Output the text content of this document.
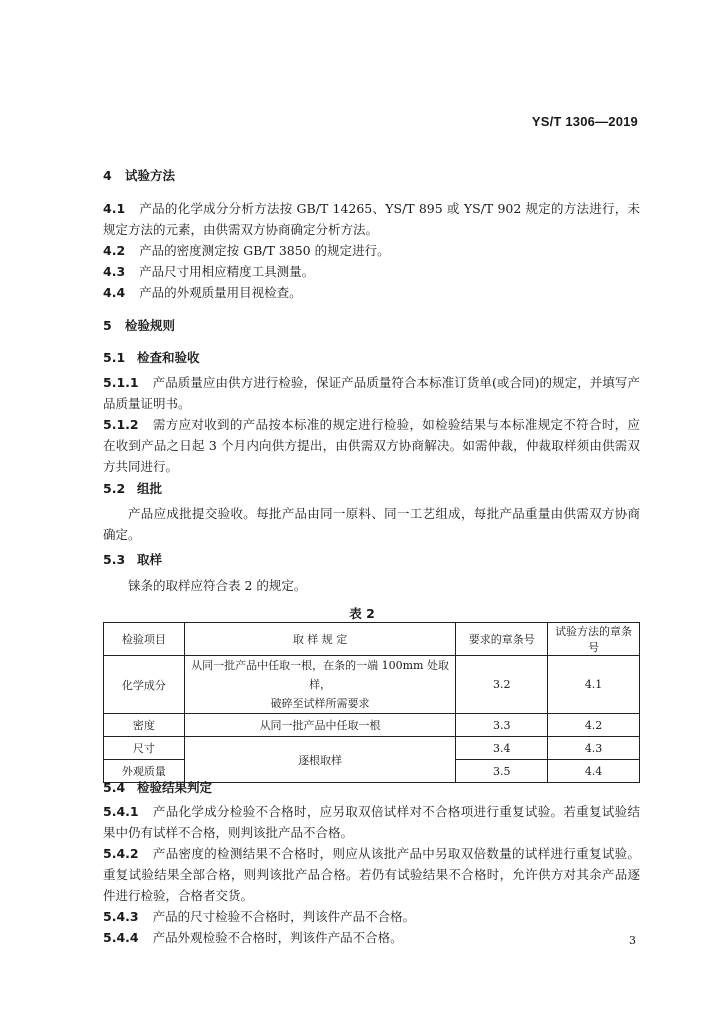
YS/T 1306—2019
4 试验方法
4.1 产品的化学成分分析方法按 GB/T 14265、YS/T 895 或 YS/T 902 规定的方法进行，未规定方法的元素，由供需双方协商确定分析方法。
4.2 产品的密度测定按 GB/T 3850 的规定进行。
4.3 产品尺寸用相应精度工具测量。
4.4 产品的外观质量用目视检查。
5 检验规则
5.1 检查和验收
5.1.1 产品质量应由供方进行检验，保证产品质量符合本标准订货单(或合同)的规定，并填写产品质量证明书。
5.1.2 需方应对收到的产品按本标准的规定进行检验，如检验结果与本标准规定不符合时，应在收到产品之日起 3 个月内向供方提出，由供需双方协商解决。如需仲裁，仲裁取样须由供需双方共同进行。
5.2 组批
产品应成批提交验收。每批产品由同一原料、同一工艺组成，每批产品重量由供需双方协商确定。
5.3 取样
铼条的取样应符合表 2 的规定。
表 2
检验项目	取 样 规 定	要求的章条号	试验方法的章条号
化学成分	从同一批产品中任取一根，在条的一端 100mm 处取样，
破碎至试样所需要求	3.2	4.1
密度	从同一批产品中任取一根	3.3	4.2
尺寸	逐根取样	3.4	4.3
外观质量		3.5	4.4
5.4 检验结果判定
5.4.1 产品化学成分检验不合格时，应另取双倍试样对不合格项进行重复试验。若重复试验结果中仍有试样不合格，则判该批产品不合格。
5.4.2 产品密度的检测结果不合格时，则应从该批产品中另取双倍数量的试样进行重复试验。重复试验结果全部合格，则判该批产品合格。若仍有试验结果不合格时，允许供方对其余产品逐件进行检验，合格者交货。
5.4.3 产品的尺寸检验不合格时，判该件产品不合格。
5.4.4 产品外观检验不合格时，判该件产品不合格。	3
